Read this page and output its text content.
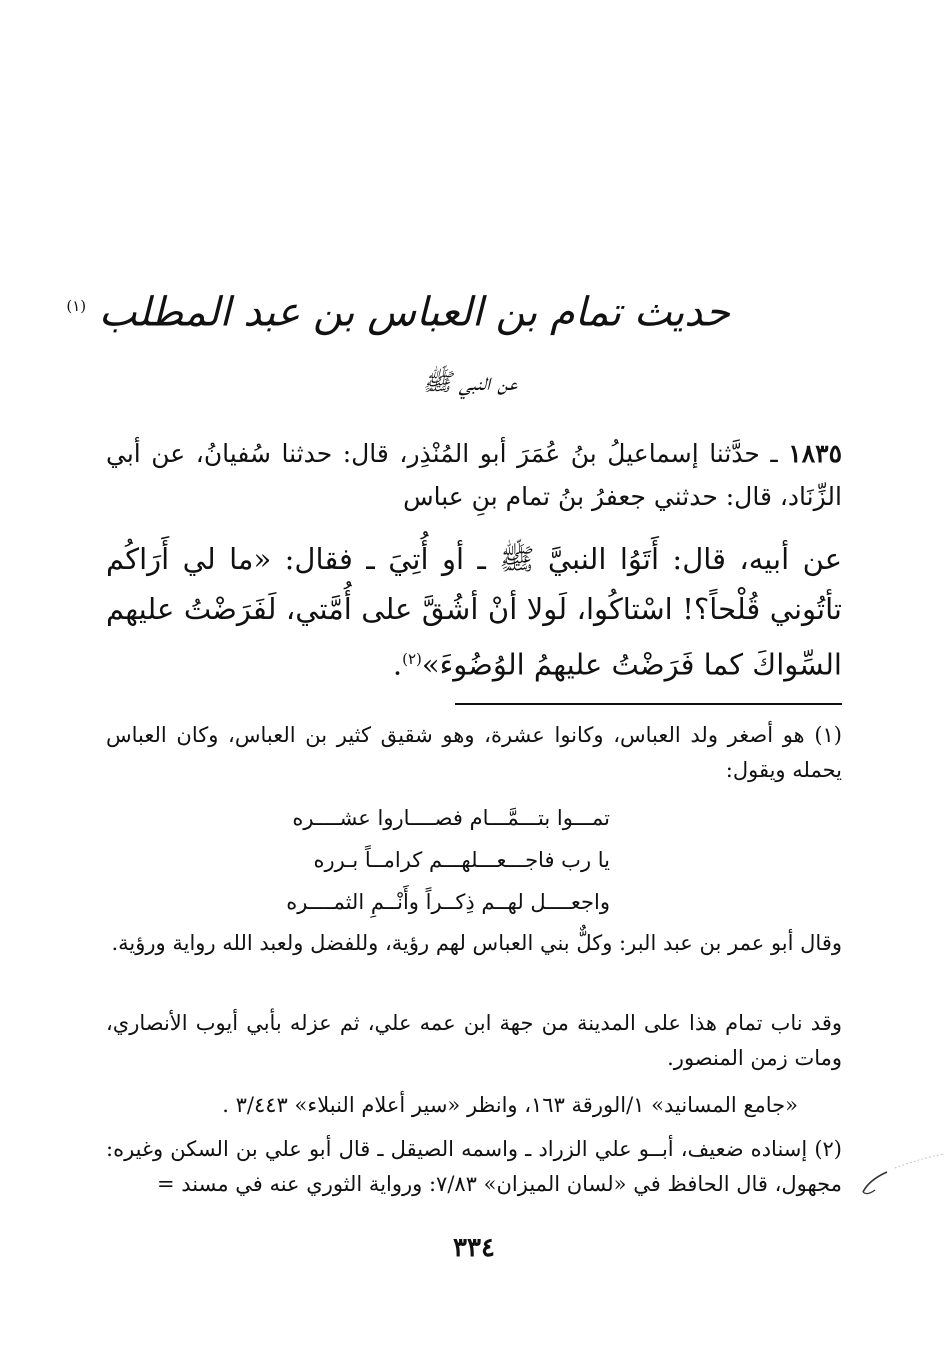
حديث تمام بن العباس بن عبد المطلب $^{(١)}$
عن النبي ﷺ
١٨٣٥ ـ حدَّثنا إسماعيلُ بنُ عُمَرَ أبو المُنْذِر، قال: حدثنا سُفيانُ، عن أبي الزِّنَاد، قال: حدثني جعفرُ بنُ تمام بنِ عباس
عن أبيه، قال: أَتَوُا النبيَّ ﷺ ـ أو أُتِيَ ـ فقال: «ما لي أَرَاكُم تأتُوني قُلْحاً؟! اسْتاكُوا، لَولا أنْ أشُقَّ على أُمَّتي، لَفَرَضْتُ عليهم السِّواكَ كما فَرَضْتُ عليهمُ الوُضُوءَ»$^{(٢)}$.
(١) هو أصغر ولد العباس، وكانوا عشرة، وهو شقيق كثير بن العباس، وكان العباس يحمله ويقول:
تمـــوا بتـــمَّـــام فصــــاروا عشــــره
يا رب فاجـــعـــلهـــم كرامــاً بـرره
واجعــــل لهــم ذِكــراً وأَنْــمِ الثمــــره
وقال أبو عمر بن عبد البر: وكلٌّ بني العباس لهم رؤية، وللفضل ولعبد الله رواية ورؤية.
وقد ناب تمام هذا على المدينة من جهة ابن عمه علي، ثم عزله بأبي أيوب الأنصاري، ومات زمن المنصور.
«جامع المسانيد» ١/الورقة ١٦٣، وانظر «سير أعلام النبلاء» ٣/٤٤٣ .
(٢) إسناده ضعيف، أبــو علي الزراد ـ واسمه الصيقل ـ قال أبو علي بن السكن وغيره: مجهول، قال الحافظ في «لسان الميزان» ٧/٨٣: ورواية الثوري عنه في مسند =
٣٣٤
